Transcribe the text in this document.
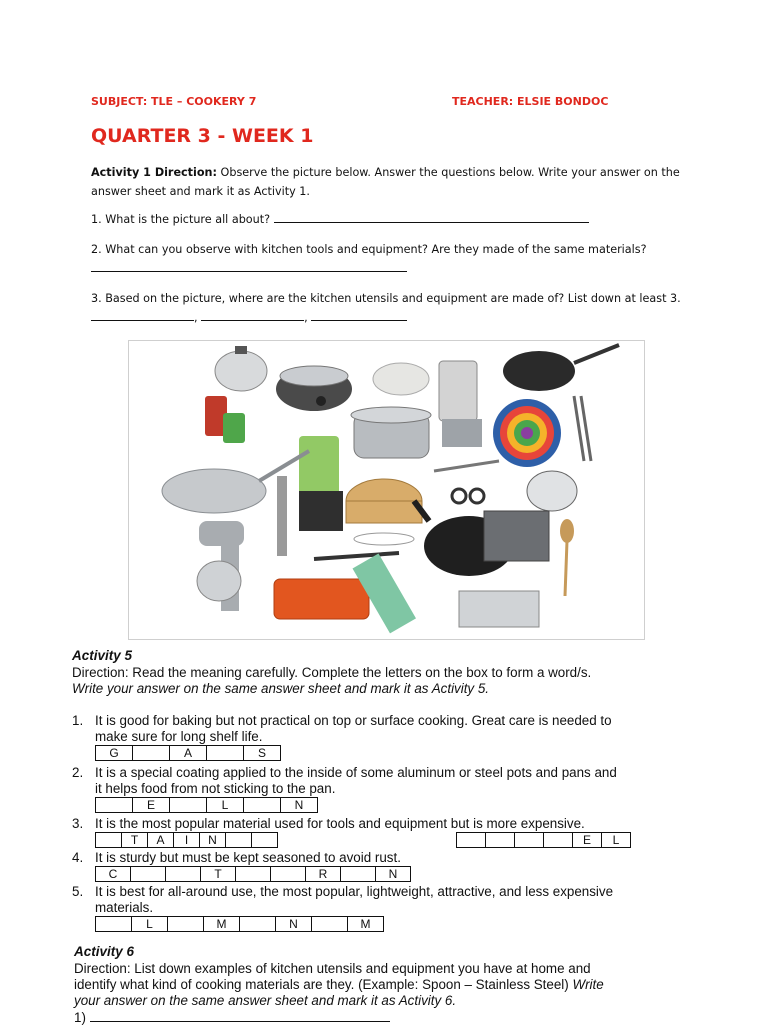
SUBJECT: TLE – COOKERY 7	TEACHER: ELSIE BONDOC
QUARTER 3 - WEEK 1
Activity 1 Direction: Observe the picture below. Answer the questions below. Write your answer on the
answer sheet and mark it as Activity 1.
1. What is the picture all about?
2. What can you observe with kitchen tools and equipment? Are they made of the same materials?

3. Based on the picture, where are the kitchen utensils and equipment are made of? List down at least 3.
,	,
Activity 5
Direction: Read the meaning carefully. Complete the letters on the box to form a word/s.
Write your answer on the same answer sheet and mark it as Activity 5.
1. It is good for baking but not practical on top or surface cooking. Great care is needed to
make sure for long shelf life.
G		A		S
2. It is a special coating applied to the inside of some aluminum or steel pots and pans and
it helps food from not sticking to the pan.
	E		L		N
3. It is the most popular material used for tools and equipment but is more expensive.
	T	A	I	N		
					E	L
4. It is sturdy but must be kept seasoned to avoid rust.
C			T			R		N
5. It is best for all-around use, the most popular, lightweight, attractive, and less expensive
materials.
	L		M		N		M
Activity 6
Direction: List down examples of kitchen utensils and equipment you have at home and
identify what kind of cooking materials are they. (Example: Spoon – Stainless Steel) Write
your answer on the same answer sheet and mark it as Activity 6.
1)
